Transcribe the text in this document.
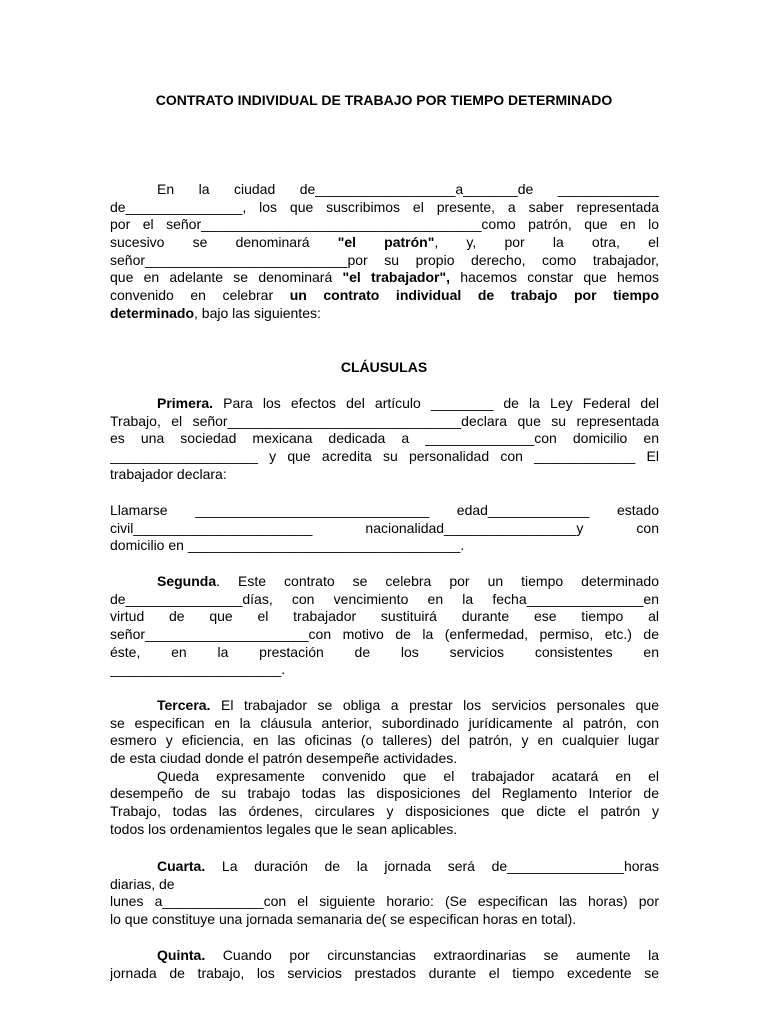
CONTRATO INDIVIDUAL DE TRABAJO POR TIEMPO DETERMINADO
En la ciudad de__________________a_______de _____________
de_______________, los que suscribimos el presente, a saber representada
por el señor____________________________________como patrón, que en lo
sucesivo se denominará "el patrón", y, por la otra, el
señor__________________________por su propio derecho, como trabajador,
que en adelante se denominará "el trabajador", hacemos constar que hemos
convenido en celebrar un contrato individual de trabajo por tiempo
determinado, bajo las siguientes:
CLÁUSULAS
Primera. Para los efectos del artículo ________ de la Ley Federal del
Trabajo, el señor______________________________declara que su representada
es una sociedad mexicana dedicada a ______________con domicilio en
___________________ y que acredita su personalidad con _____________ El
trabajador declara:
Llamarse ______________________________ edad_____________ estado
civil_______________________ nacionalidad_________________y con
domicilio en ___________________________________.
Segunda. Este contrato se celebra por un tiempo determinado
de_______________días, con vencimiento en la fecha_______________en
virtud de que el trabajador sustituirá durante ese tiempo al
señor_____________________con motivo de la (enfermedad, permiso, etc.) de
éste, en la prestación de los servicios consistentes en
______________________.
Tercera. El trabajador se obliga a prestar los servicios personales que
se especifican en la cláusula anterior, subordinado jurídicamente al patrón, con
esmero y eficiencia, en las oficinas (o talleres) del patrón, y en cualquier lugar
de esta ciudad donde el patrón desempeñe actividades.
Queda expresamente convenido que el trabajador acatará en el
desempeño de su trabajo todas las disposiciones del Reglamento Interior de
Trabajo, todas las órdenes, circulares y disposiciones que dicte el patrón y
todos los ordenamientos legales que le sean aplicables.
Cuarta. La duración de la jornada será de_______________horas
diarias, de
lunes a_____________con el siguiente horario: (Se especifican las horas) por
lo que constituye una jornada semanaria de( se especifican horas en total).
Quinta. Cuando por circunstancias extraordinarias se aumente la
jornada de trabajo, los servicios prestados durante el tiempo excedente se
